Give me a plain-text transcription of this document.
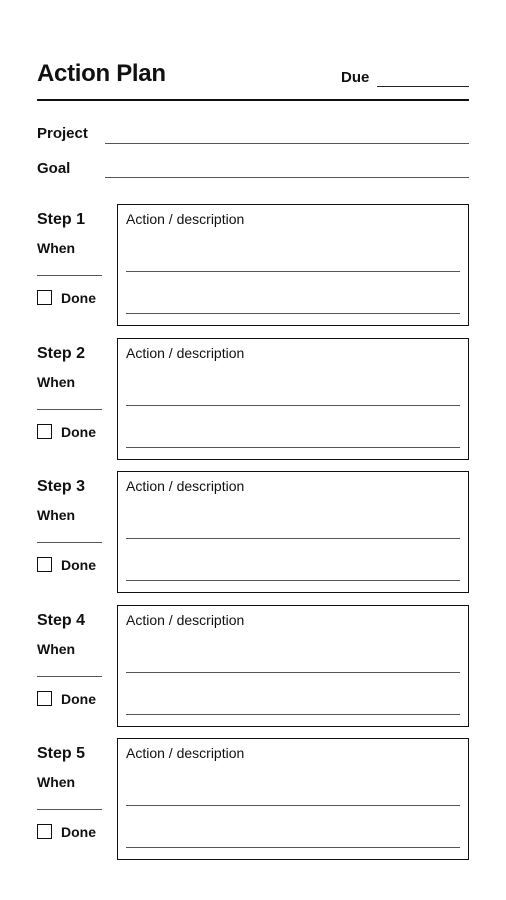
Action Plan	Due
Project
Goal
Step 1
When
Done
Action / description
Step 2
When
Done
Action / description
Step 3
When
Done
Action / description
Step 4
When
Done
Action / description
Step 5
When
Done
Action / description
